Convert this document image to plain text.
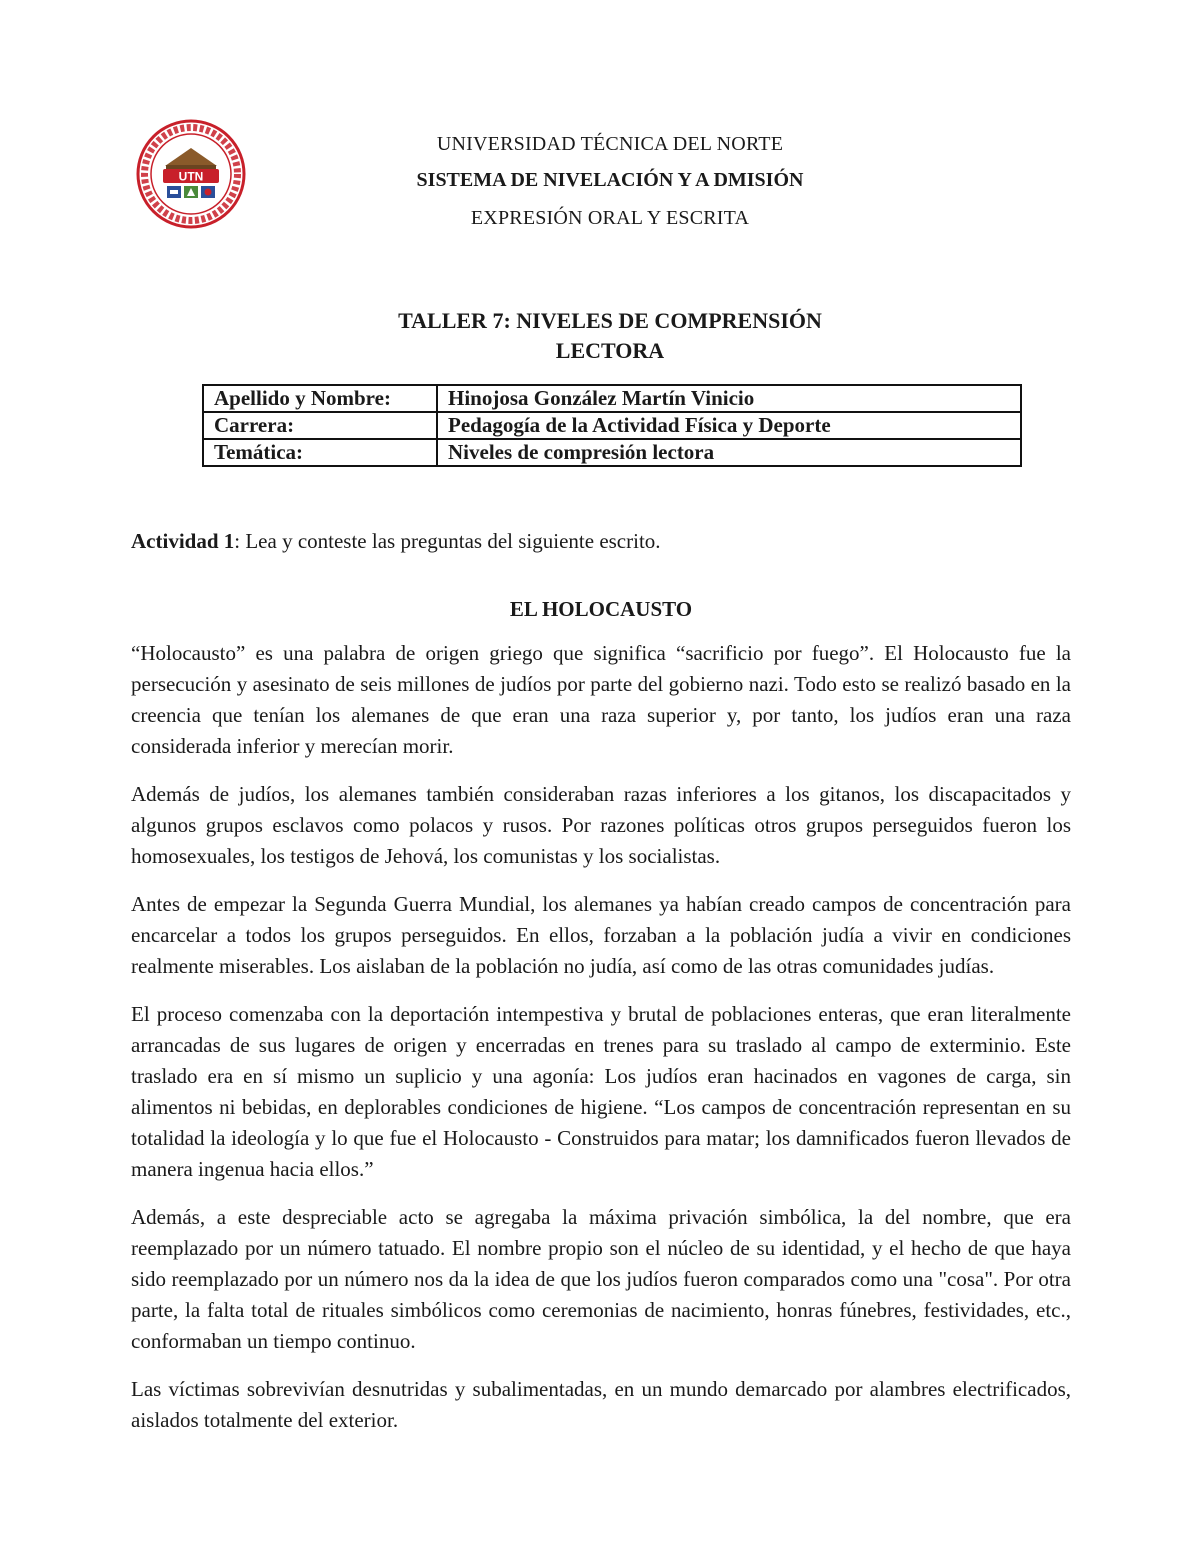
UTN
UNIVERSIDAD TÉCNICA DEL NORTE
SISTEMA DE NIVELACIÓN Y A DMISIÓN
EXPRESIÓN ORAL Y ESCRITA
TALLER 7: NIVELES DE COMPRENSIÓN
LECTORA
Apellido y Nombre:	Hinojosa González Martín Vinicio
Carrera:	Pedagogía de la Actividad Física y Deporte
Temática:	Niveles de compresión lectora
Actividad 1: Lea y conteste las preguntas del siguiente escrito.
EL HOLOCAUSTO

“Holocausto” es una palabra de origen griego que significa “sacrificio por fuego”. El Holocausto fue la persecución y asesinato de seis millones de judíos por parte del gobierno nazi. Todo esto se realizó basado en la creencia que tenían los alemanes de que eran una raza superior y, por tanto, los judíos eran una raza considerada inferior y merecían morir.

Además de judíos, los alemanes también consideraban razas inferiores a los gitanos, los discapacitados y algunos grupos esclavos como polacos y rusos. Por razones políticas otros grupos perseguidos fueron los homosexuales, los testigos de Jehová, los comunistas y los socialistas.

Antes de empezar la Segunda Guerra Mundial, los alemanes ya habían creado campos de concentración para encarcelar a todos los grupos perseguidos. En ellos, forzaban a la población judía a vivir en condiciones realmente miserables. Los aislaban de la población no judía, así como de las otras comunidades judías.

El proceso comenzaba con la deportación intempestiva y brutal de poblaciones enteras, que eran literalmente arrancadas de sus lugares de origen y encerradas en trenes para su traslado al campo de exterminio. Este traslado era en sí mismo un suplicio y una agonía: Los judíos eran hacinados en vagones de carga, sin alimentos ni bebidas, en deplorables condiciones de higiene. “Los campos de concentración representan en su totalidad la ideología y lo que fue el Holocausto - Construidos para matar; los damnificados fueron llevados de manera ingenua hacia ellos.”

Además, a este despreciable acto se agregaba la máxima privación simbólica, la del nombre, que era reemplazado por un número tatuado. El nombre propio son el núcleo de su identidad, y el hecho de que haya sido reemplazado por un número nos da la idea de que los judíos fueron comparados como una "cosa". Por otra parte, la falta total de rituales simbólicos como ceremonias de nacimiento, honras fúnebres, festividades, etc., conformaban un tiempo continuo.

Las víctimas sobrevivían desnutridas y subalimentadas, en un mundo demarcado por alambres electrificados, aislados totalmente del exterior.
